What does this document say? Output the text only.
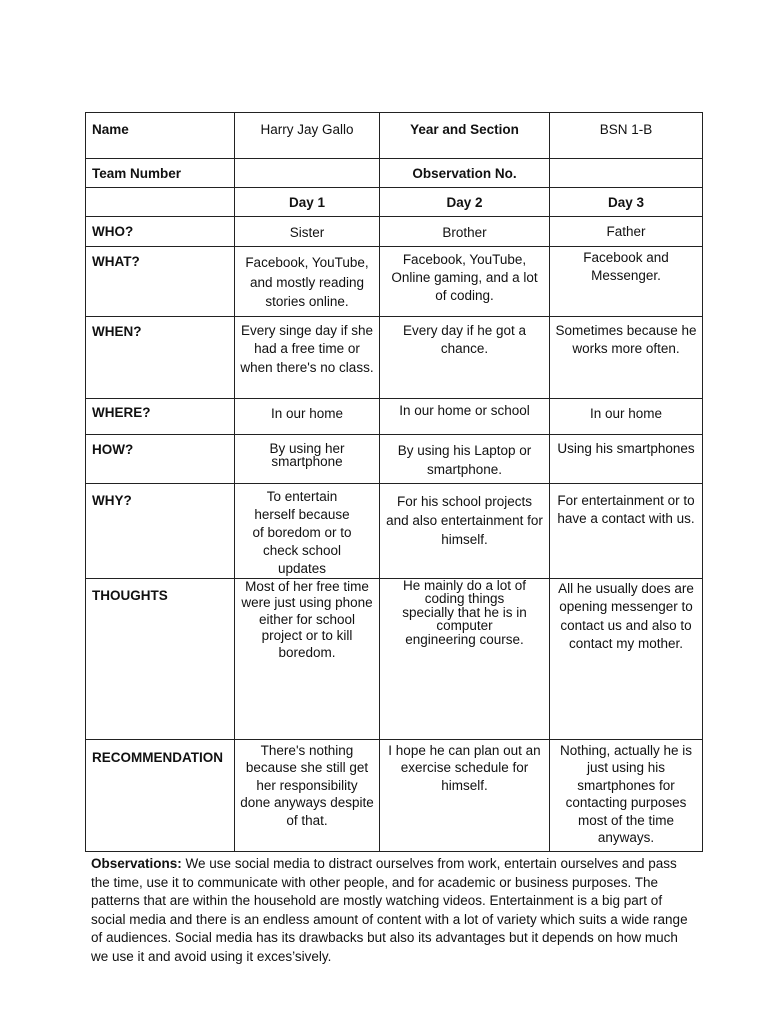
Name	Harry Jay Gallo	Year and Section	BSN 1-B
Team Number		Observation No.	
	Day 1	Day 2	Day 3
WHO?	Sister	Brother	Father
WHAT?	Facebook, YouTube, and mostly reading stories online.	Facebook, YouTube, Online gaming, and a lot of coding.	Facebook and Messenger.
WHEN?	Every singe day if she had a free time or when there's no class.	Every day if he got a chance.	Sometimes because he works more often.
WHERE?	In our home	In our home or school	In our home
HOW?	By using her smartphone	By using his Laptop or smartphone.	Using his smartphones
WHY?	To entertain herself because of boredom or to check school updates	For his school projects and also entertainment for himself.	For entertainment or to have a contact with us.
THOUGHTS	Most of her free time were just using phone either for school project or to kill boredom.	He mainly do a lot of coding things specially that he is in computer engineering course.	All he usually does are opening messenger to contact us and also to contact my mother.
RECOMMENDATION	There's nothing because she still get her responsibility done anyways despite of that.	I hope he can plan out an exercise schedule for himself.	Nothing, actually he is just using his smartphones for contacting purposes most of the time anyways.
Observations: We use social media to distract ourselves from work, entertain ourselves and pass the time, use it to communicate with other people, and for academic or business purposes. The patterns that are within the household are mostly watching videos. Entertainment is a big part of social media and there is an endless amount of content with a lot of variety which suits a wide range of audiences. Social media has its drawbacks but also its advantages but it depends on how much we use it and avoid using it exces’sively.
